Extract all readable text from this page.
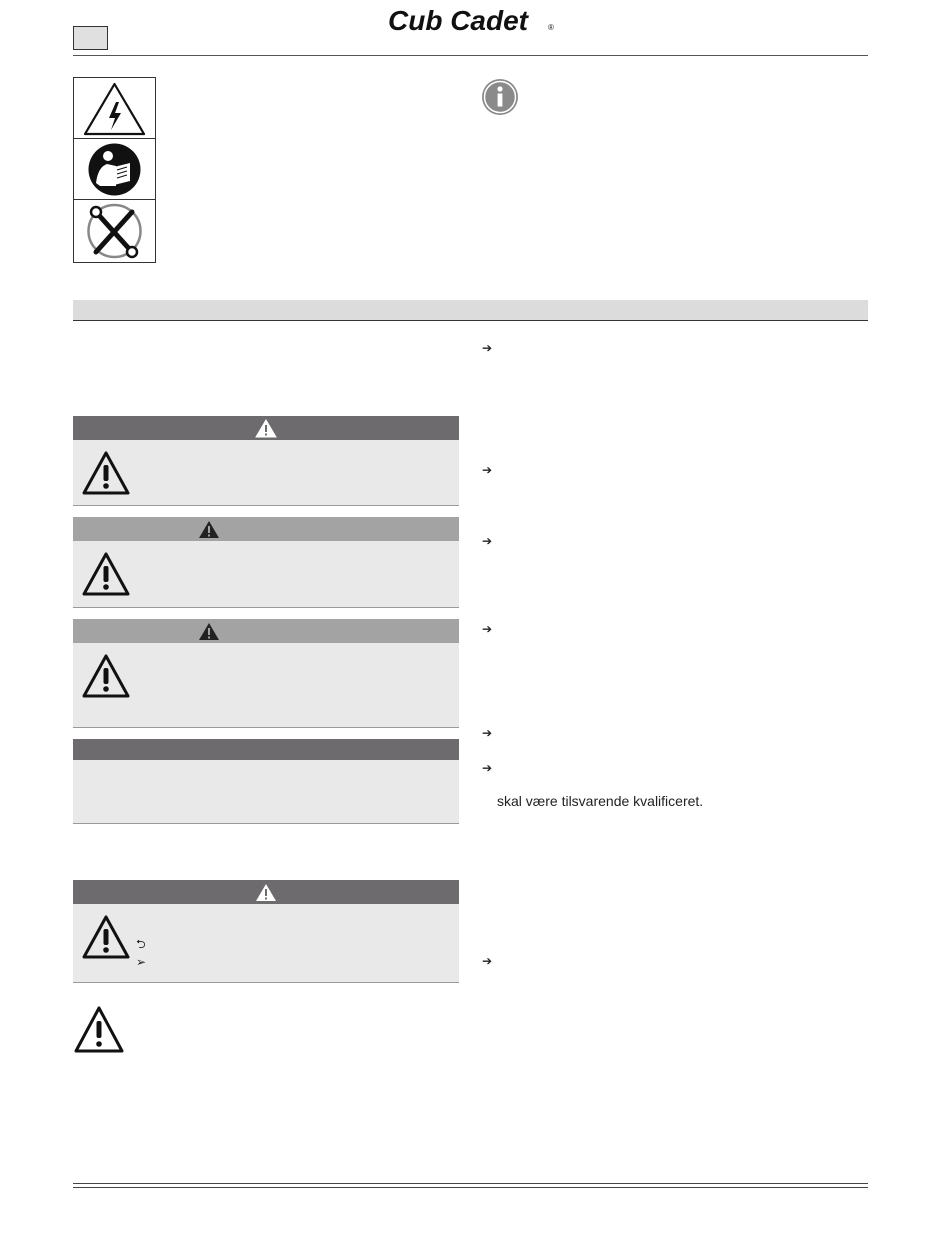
Cub Cadet	®
⮌
➢
➔
➔
➔
➔
➔
➔
➔
skal være tilsvarende kvalificeret.
